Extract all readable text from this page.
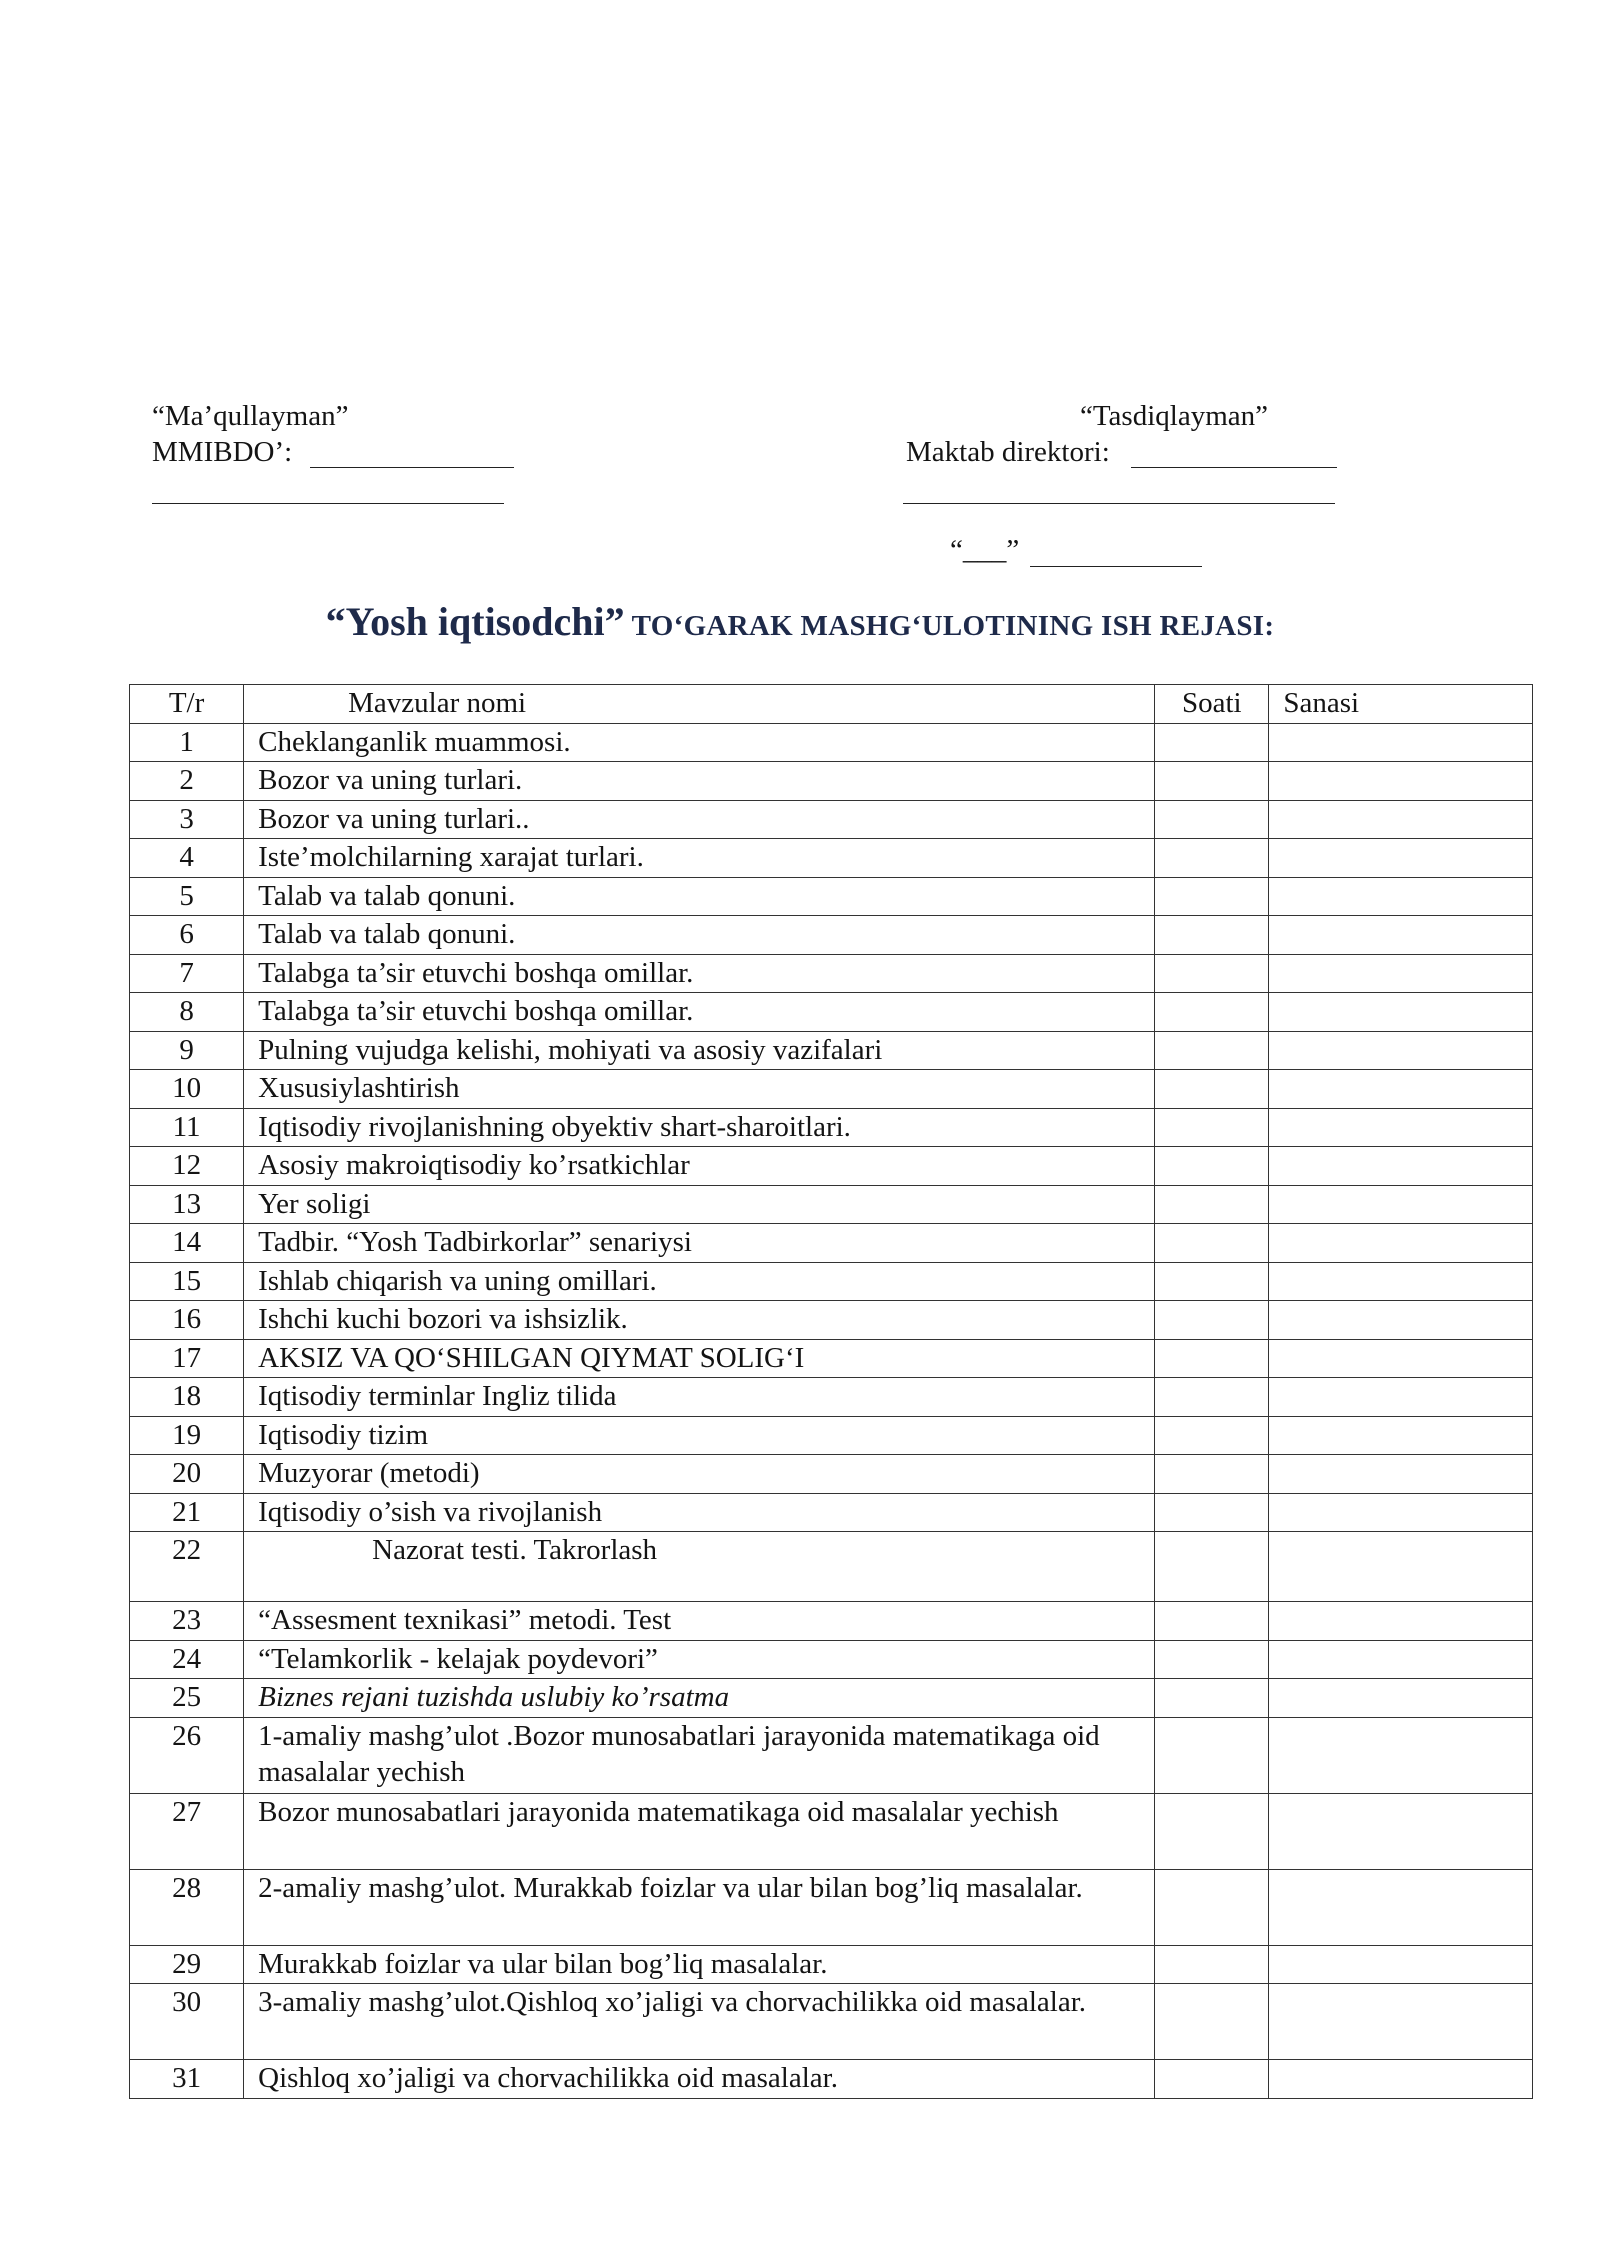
“Ma’qullayman”
MMIBDO’:
“Tasdiqlayman”
Maktab direktori:
“___”
“Yosh iqtisodchi” TO‘GARAK MASHG‘ULOTINING ISH REJASI:
T/r	Mavzular nomi	Soati	Sanasi
1	Cheklanganlik muammosi.		
2	Bozor va uning turlari.		
3	Bozor va uning turlari..		
4	Iste’molchilarning xarajat turlari.		
5	Talab va talab qonuni.		
6	Talab va talab qonuni.		
7	Talabga ta’sir etuvchi boshqa omillar.		
8	Talabga ta’sir etuvchi boshqa omillar.		
9	Pulning vujudga kelishi, mohiyati va asosiy vazifalari		
10	Xususiylashtirish		
11	Iqtisodiy rivojlanishning obyektiv shart-sharoitlari.		
12	Asosiy makroiqtisodiy ko’rsatkichlar		
13	Yer soligi		
14	Tadbir. “Yosh Tadbirkorlar” senariysi		
15	Ishlab chiqarish va uning omillari.		
16	Ishchi kuchi bozori va ishsizlik.		
17	AKSIZ VA QO‘SHILGAN QIYMAT SOLIG‘I		
18	Iqtisodiy terminlar Ingliz tilida		
19	Iqtisodiy tizim		
20	Muzyorar (metodi)		
21	Iqtisodiy o’sish va rivojlanish		
22	Nazorat testi. Takrorlash		
23	“Assesment texnikasi” metodi. Test		
24	“Telamkorlik - kelajak poydevori”		
25	Biznes rejani tuzishda uslubiy ko’rsatma		
26	1-amaliy mashg’ulot .Bozor munosabatlari jarayonida matematikaga oid masalalar yechish		
27	Bozor munosabatlari jarayonida matematikaga oid masalalar yechish		
28	2-amaliy mashg’ulot. Murakkab foizlar va ular bilan bog’liq masalalar.		
29	Murakkab foizlar va ular bilan bog’liq masalalar.		
30	3-amaliy mashg’ulot.Qishloq xo’jaligi va chorvachilikka oid masalalar.		
31	Qishloq xo’jaligi va chorvachilikka oid masalalar.		
